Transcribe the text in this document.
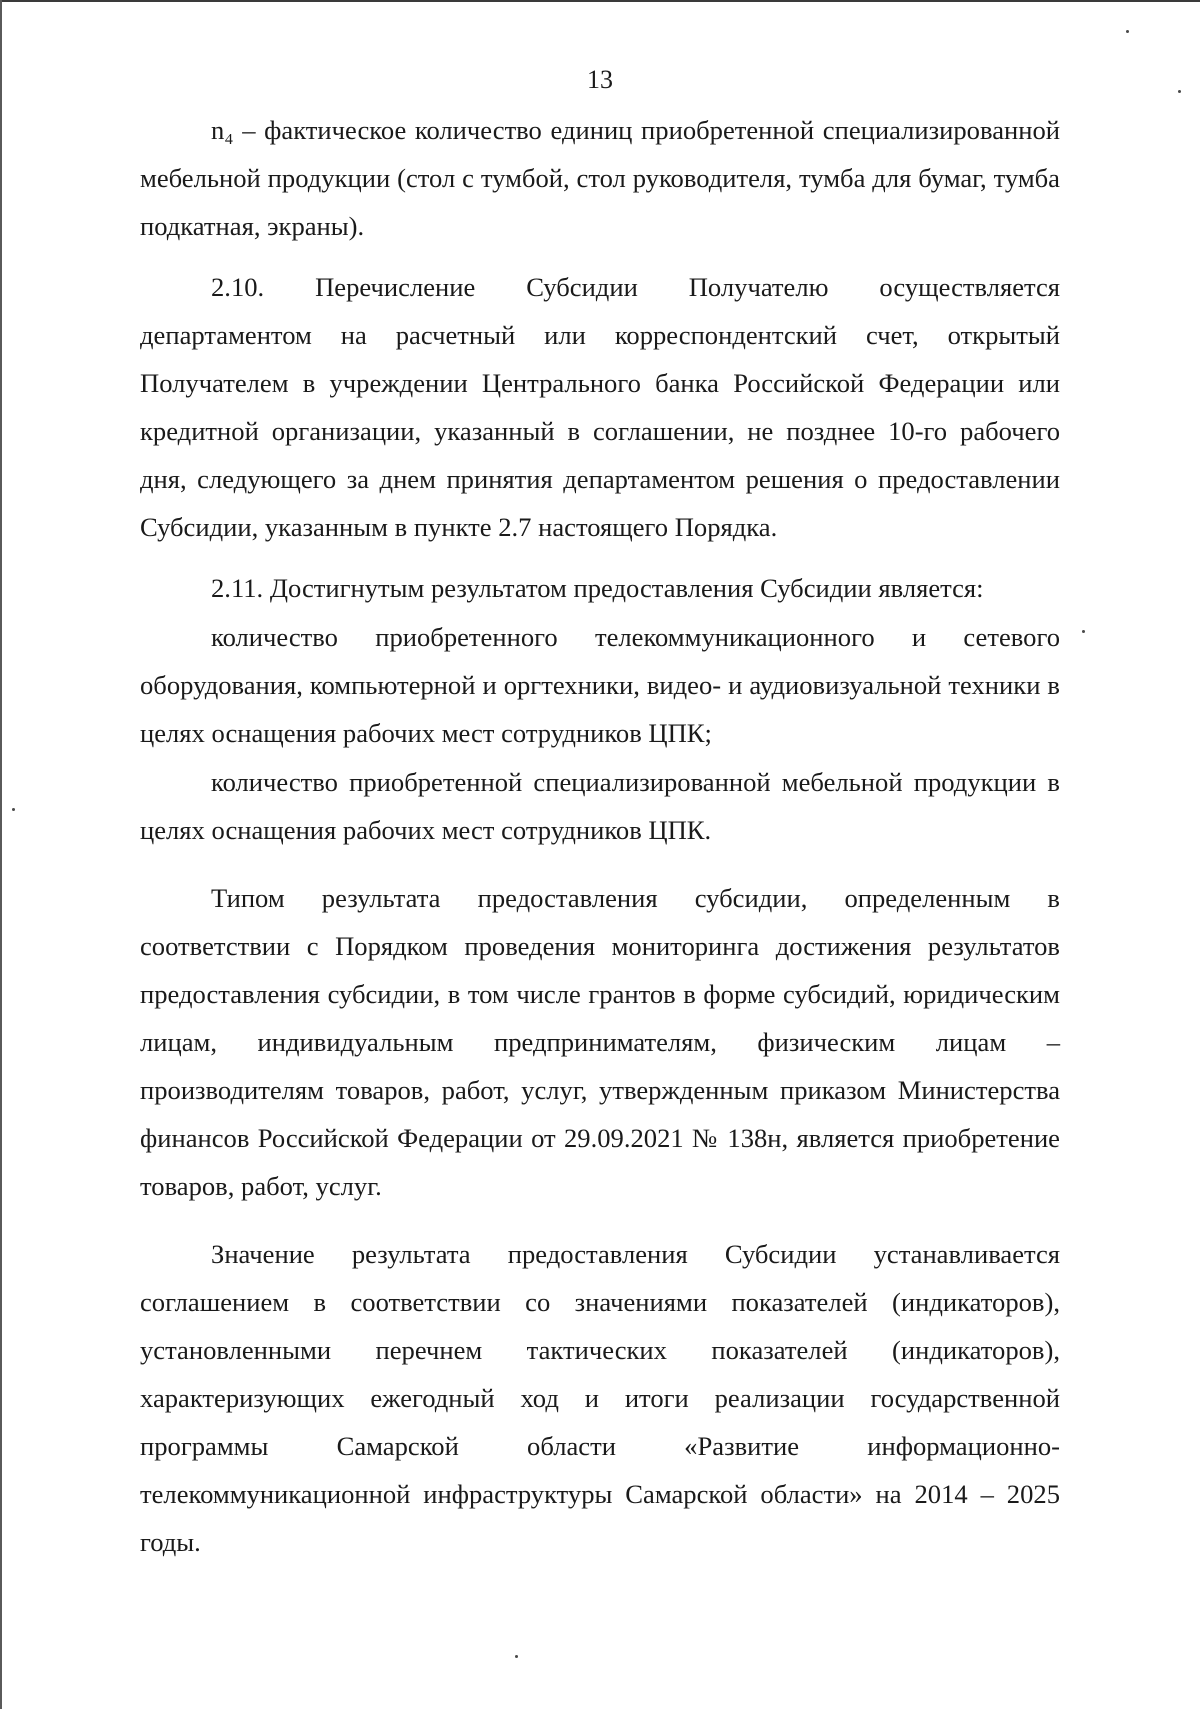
13

n₄ – фактическое количество единиц приобретенной специализированной мебельной продукции (стол с тумбой, стол руководителя, тумба для бумаг, тумба подкатная, экраны).

2.10. Перечисление Субсидии Получателю осуществляется департаментом на расчетный или корреспондентский счет, открытый Получателем в учреждении Центрального банка Российской Федерации или кредитной организации, указанный в соглашении, не позднее 10-го рабочего дня, следующего за днем принятия департаментом решения о предоставлении Субсидии, указанным в пункте 2.7 настоящего Порядка.

2.11. Достигнутым результатом предоставления Субсидии является:

количество приобретенного телекоммуникационного и сетевого оборудования, компьютерной и оргтехники, видео- и аудиовизуальной техники в целях оснащения рабочих мест сотрудников ЦПК;

количество приобретенной специализированной мебельной продукции в целях оснащения рабочих мест сотрудников ЦПК.

Типом результата предоставления субсидии, определенным в соответствии с Порядком проведения мониторинга достижения результатов предоставления субсидии, в том числе грантов в форме субсидий, юридическим лицам, индивидуальным предпринимателям, физическим лицам – производителям товаров, работ, услуг, утвержденным приказом Министерства финансов Российской Федерации от 29.09.2021 № 138н, является приобретение товаров, работ, услуг.

Значение результата предоставления Субсидии устанавливается соглашением в соответствии со значениями показателей (индикаторов), установленными перечнем тактических показателей (индикаторов), характеризующих ежегодный ход и итоги реализации государственной программы Самарской области «Развитие информационно-телекоммуникационной инфраструктуры Самарской области» на 2014 – 2025 годы.
